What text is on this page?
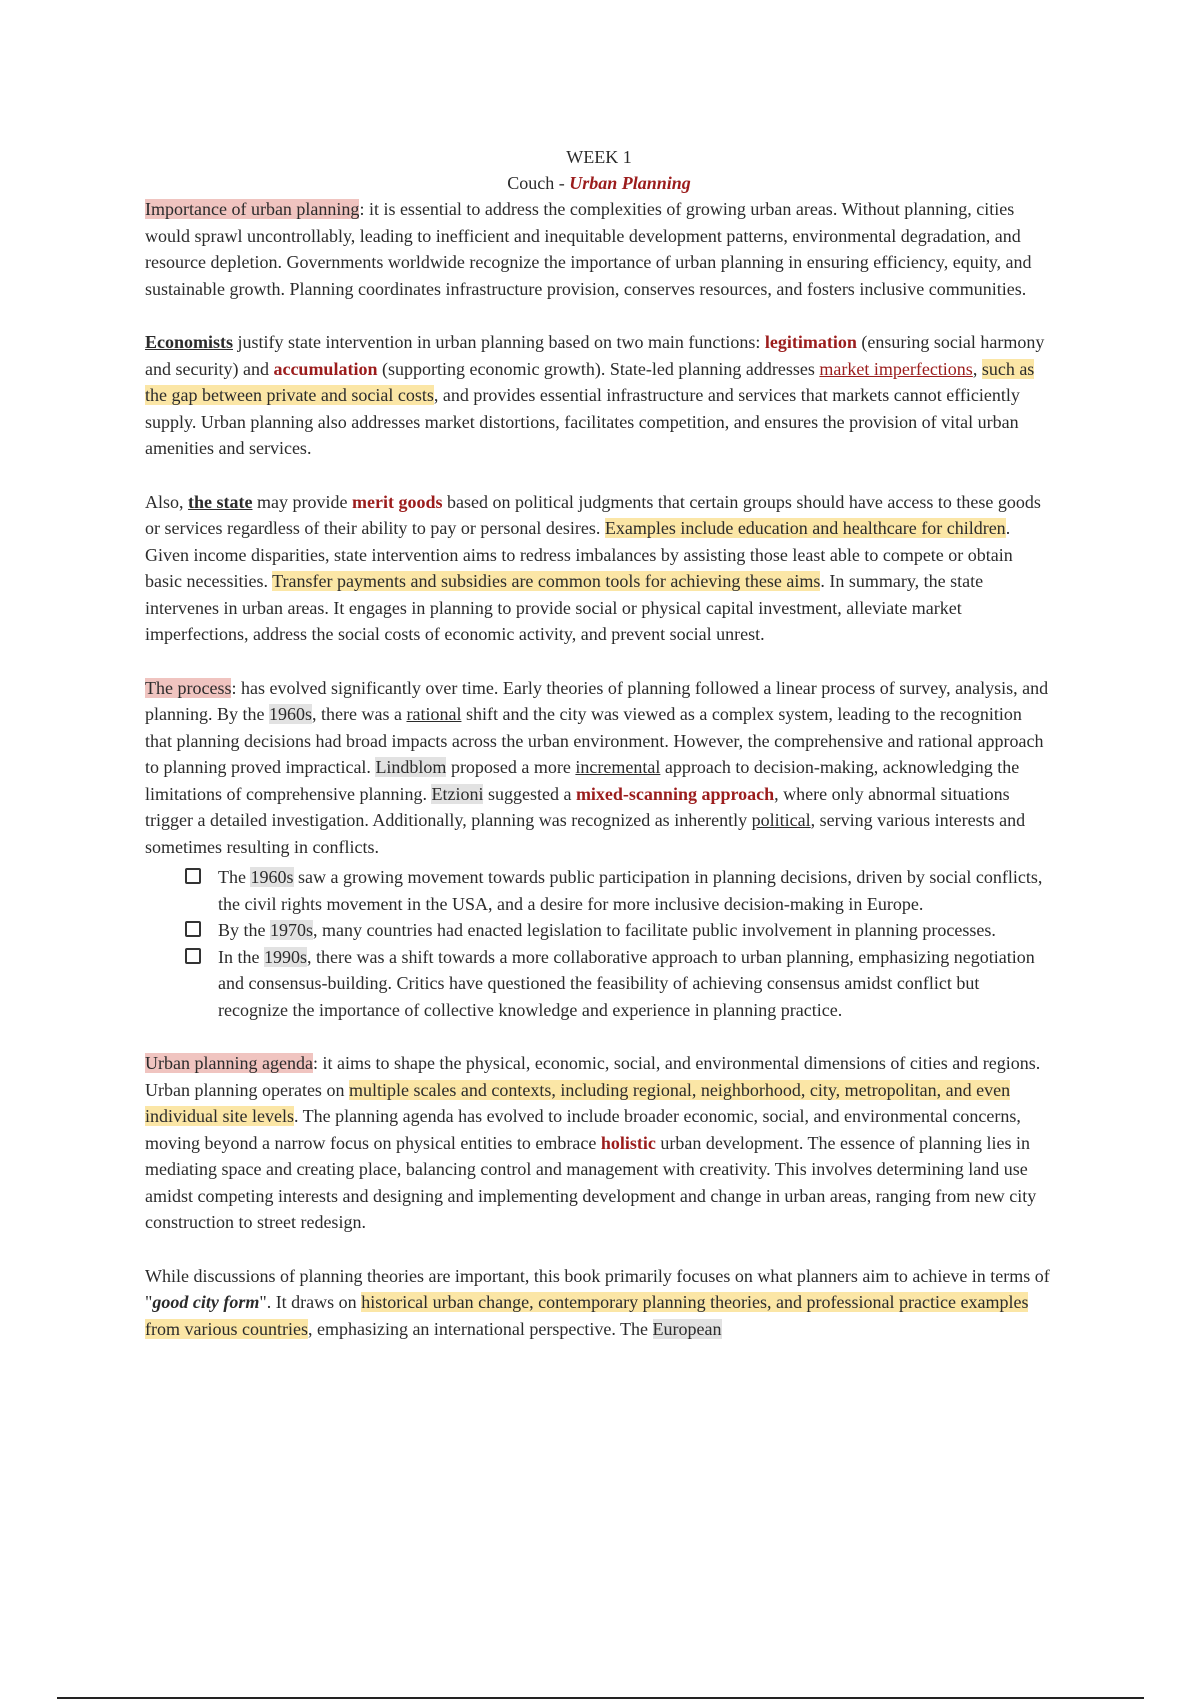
WEEK 1
Couch - Urban Planning

Importance of urban planning: it is essential to address the complexities of growing urban areas. Without planning, cities would sprawl uncontrollably, leading to inefficient and inequitable development patterns, environmental degradation, and resource depletion. Governments worldwide recognize the importance of urban planning in ensuring efficiency, equity, and sustainable growth. Planning coordinates infrastructure provision, conserves resources, and fosters inclusive communities.

Economists justify state intervention in urban planning based on two main functions: legitimation (ensuring social harmony and security) and accumulation (supporting economic growth). State-led planning addresses market imperfections, such as the gap between private and social costs, and provides essential infrastructure and services that markets cannot efficiently supply. Urban planning also addresses market distortions, facilitates competition, and ensures the provision of vital urban amenities and services.

Also, the state may provide merit goods based on political judgments that certain groups should have access to these goods or services regardless of their ability to pay or personal desires. Examples include education and healthcare for children. Given income disparities, state intervention aims to redress imbalances by assisting those least able to compete or obtain basic necessities. Transfer payments and subsidies are common tools for achieving these aims. In summary, the state intervenes in urban areas. It engages in planning to provide social or physical capital investment, alleviate market imperfections, address the social costs of economic activity, and prevent social unrest.

The process: has evolved significantly over time. Early theories of planning followed a linear process of survey, analysis, and planning. By the 1960s, there was a rational shift and the city was viewed as a complex system, leading to the recognition that planning decisions had broad impacts across the urban environment. However, the comprehensive and rational approach to planning proved impractical. Lindblom proposed a more incremental approach to decision-making, acknowledging the limitations of comprehensive planning. Etzioni suggested a mixed-scanning approach, where only abnormal situations trigger a detailed investigation. Additionally, planning was recognized as inherently political, serving various interests and sometimes resulting in conflicts.

The 1960s saw a growing movement towards public participation in planning decisions, driven by social conflicts, the civil rights movement in the USA, and a desire for more inclusive decision-making in Europe.
By the 1970s, many countries had enacted legislation to facilitate public involvement in planning processes.
In the 1990s, there was a shift towards a more collaborative approach to urban planning, emphasizing negotiation and consensus-building. Critics have questioned the feasibility of achieving consensus amidst conflict but recognize the importance of collective knowledge and experience in planning practice.

Urban planning agenda: it aims to shape the physical, economic, social, and environmental dimensions of cities and regions. Urban planning operates on multiple scales and contexts, including regional, neighborhood, city, metropolitan, and even individual site levels. The planning agenda has evolved to include broader economic, social, and environmental concerns, moving beyond a narrow focus on physical entities to embrace holistic urban development. The essence of planning lies in mediating space and creating place, balancing control and management with creativity. This involves determining land use amidst competing interests and designing and implementing development and change in urban areas, ranging from new city construction to street redesign.

While discussions of planning theories are important, this book primarily focuses on what planners aim to achieve in terms of "good city form". It draws on historical urban change, contemporary planning theories, and professional practice examples from various countries, emphasizing an international perspective. The European
